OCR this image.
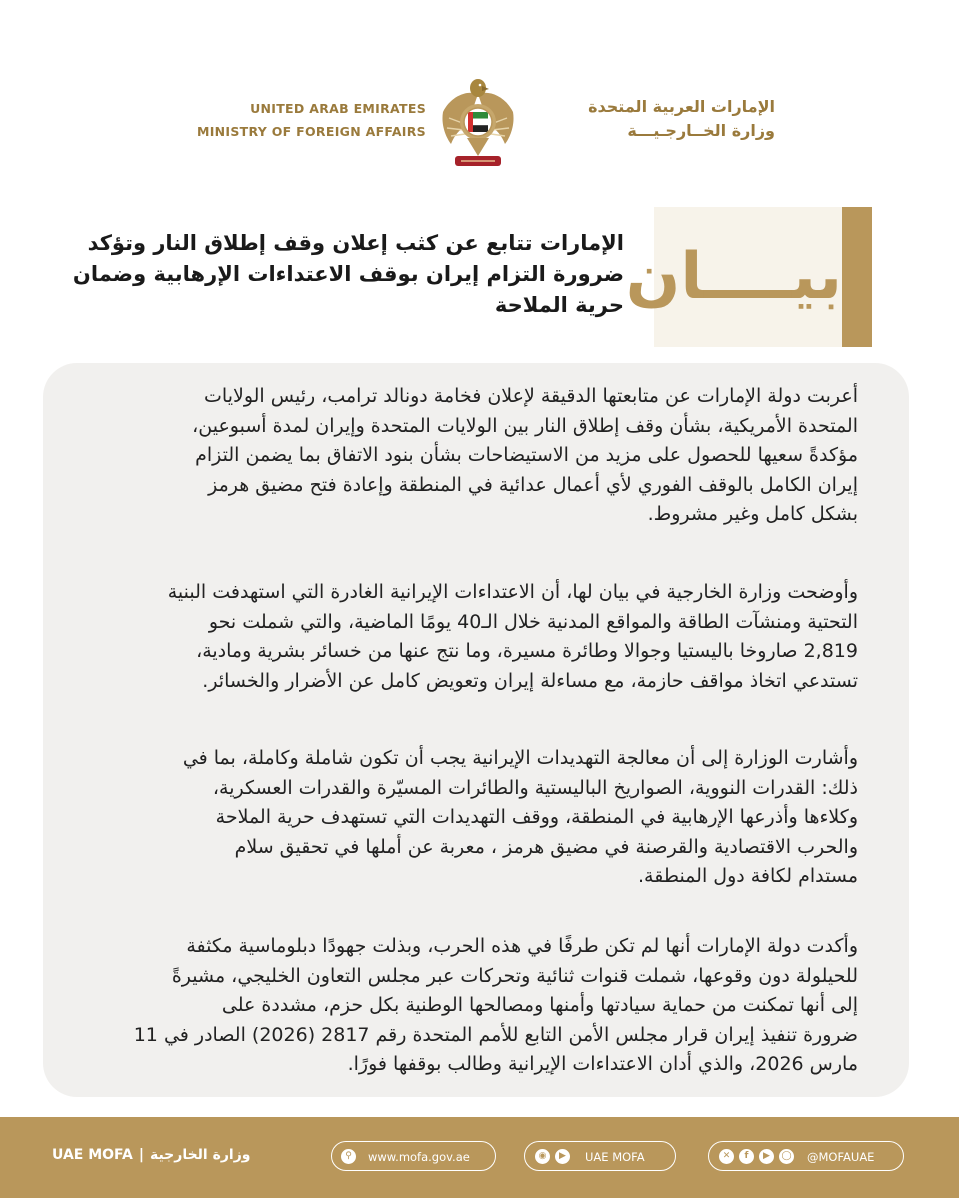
UNITED ARAB EMIRATES
MINISTRY OF FOREIGN AFFAIRS
الإمارات العربية المتحدة
وزارة الخــارجـيـــة
بيــــان
الإمارات تتابع عن كثب إعلان وقف إطلاق النار وتؤكد
ضرورة التزام إيران بوقف الاعتداءات الإرهابية وضمان
حرية الملاحة
أعربت دولة الإمارات عن متابعتها الدقيقة لإعلان فخامة دونالد ترامب، رئيس الولايات
المتحدة الأمريكية، بشأن وقف إطلاق النار بين الولايات المتحدة وإيران لمدة أسبوعين،
مؤكدةً سعيها للحصول على مزيد من الاستيضاحات بشأن بنود الاتفاق بما يضمن التزام
إيران الكامل بالوقف الفوري لأي أعمال عدائية في المنطقة وإعادة فتح مضيق هرمز
بشكل كامل وغير مشروط.
وأوضحت وزارة الخارجية في بيان لها، أن الاعتداءات الإيرانية الغادرة التي استهدفت البنية
التحتية ومنشآت الطاقة والمواقع المدنية خلال الـ40 يومًا الماضية، والتي شملت نحو
2,819 صاروخا باليستيا وجوالا وطائرة مسيرة، وما نتج عنها من خسائر بشرية ومادية،
تستدعي اتخاذ مواقف حازمة، مع مساءلة إيران وتعويض كامل عن الأضرار والخسائر.
وأشارت الوزارة إلى أن معالجة التهديدات الإيرانية يجب أن تكون شاملة وكاملة، بما في
ذلك: القدرات النووية، الصواريخ الباليستية والطائرات المسيّرة والقدرات العسكرية،
وكلاءها وأذرعها الإرهابية في المنطقة، ووقف التهديدات التي تستهدف حرية الملاحة
والحرب الاقتصادية والقرصنة في مضيق هرمز ، معربة عن أملها في تحقيق سلام
مستدام لكافة دول المنطقة.
وأكدت دولة الإمارات أنها لم تكن طرفًا في هذه الحرب، وبذلت جهودًا دبلوماسية مكثفة
للحيلولة دون وقوعها، شملت قنوات ثنائية وتحركات عبر مجلس التعاون الخليجي، مشيرةً
إلى أنها تمكنت من حماية سيادتها وأمنها ومصالحها الوطنية بكل حزم، مشددة على
ضرورة تنفيذ إيران قرار مجلس الأمن التابع للأمم المتحدة رقم 2817 (2026) الصادر في 11
مارس 2026، والذي أدان الاعتداءات الإيرانية وطالب بوقفها فورًا.
UAE MOFA | وزارة الخارجية	⚲	www.mofa.gov.ae	◉	▶	UAE MOFA	✕	f	▶	◯ @MOFAUAE
